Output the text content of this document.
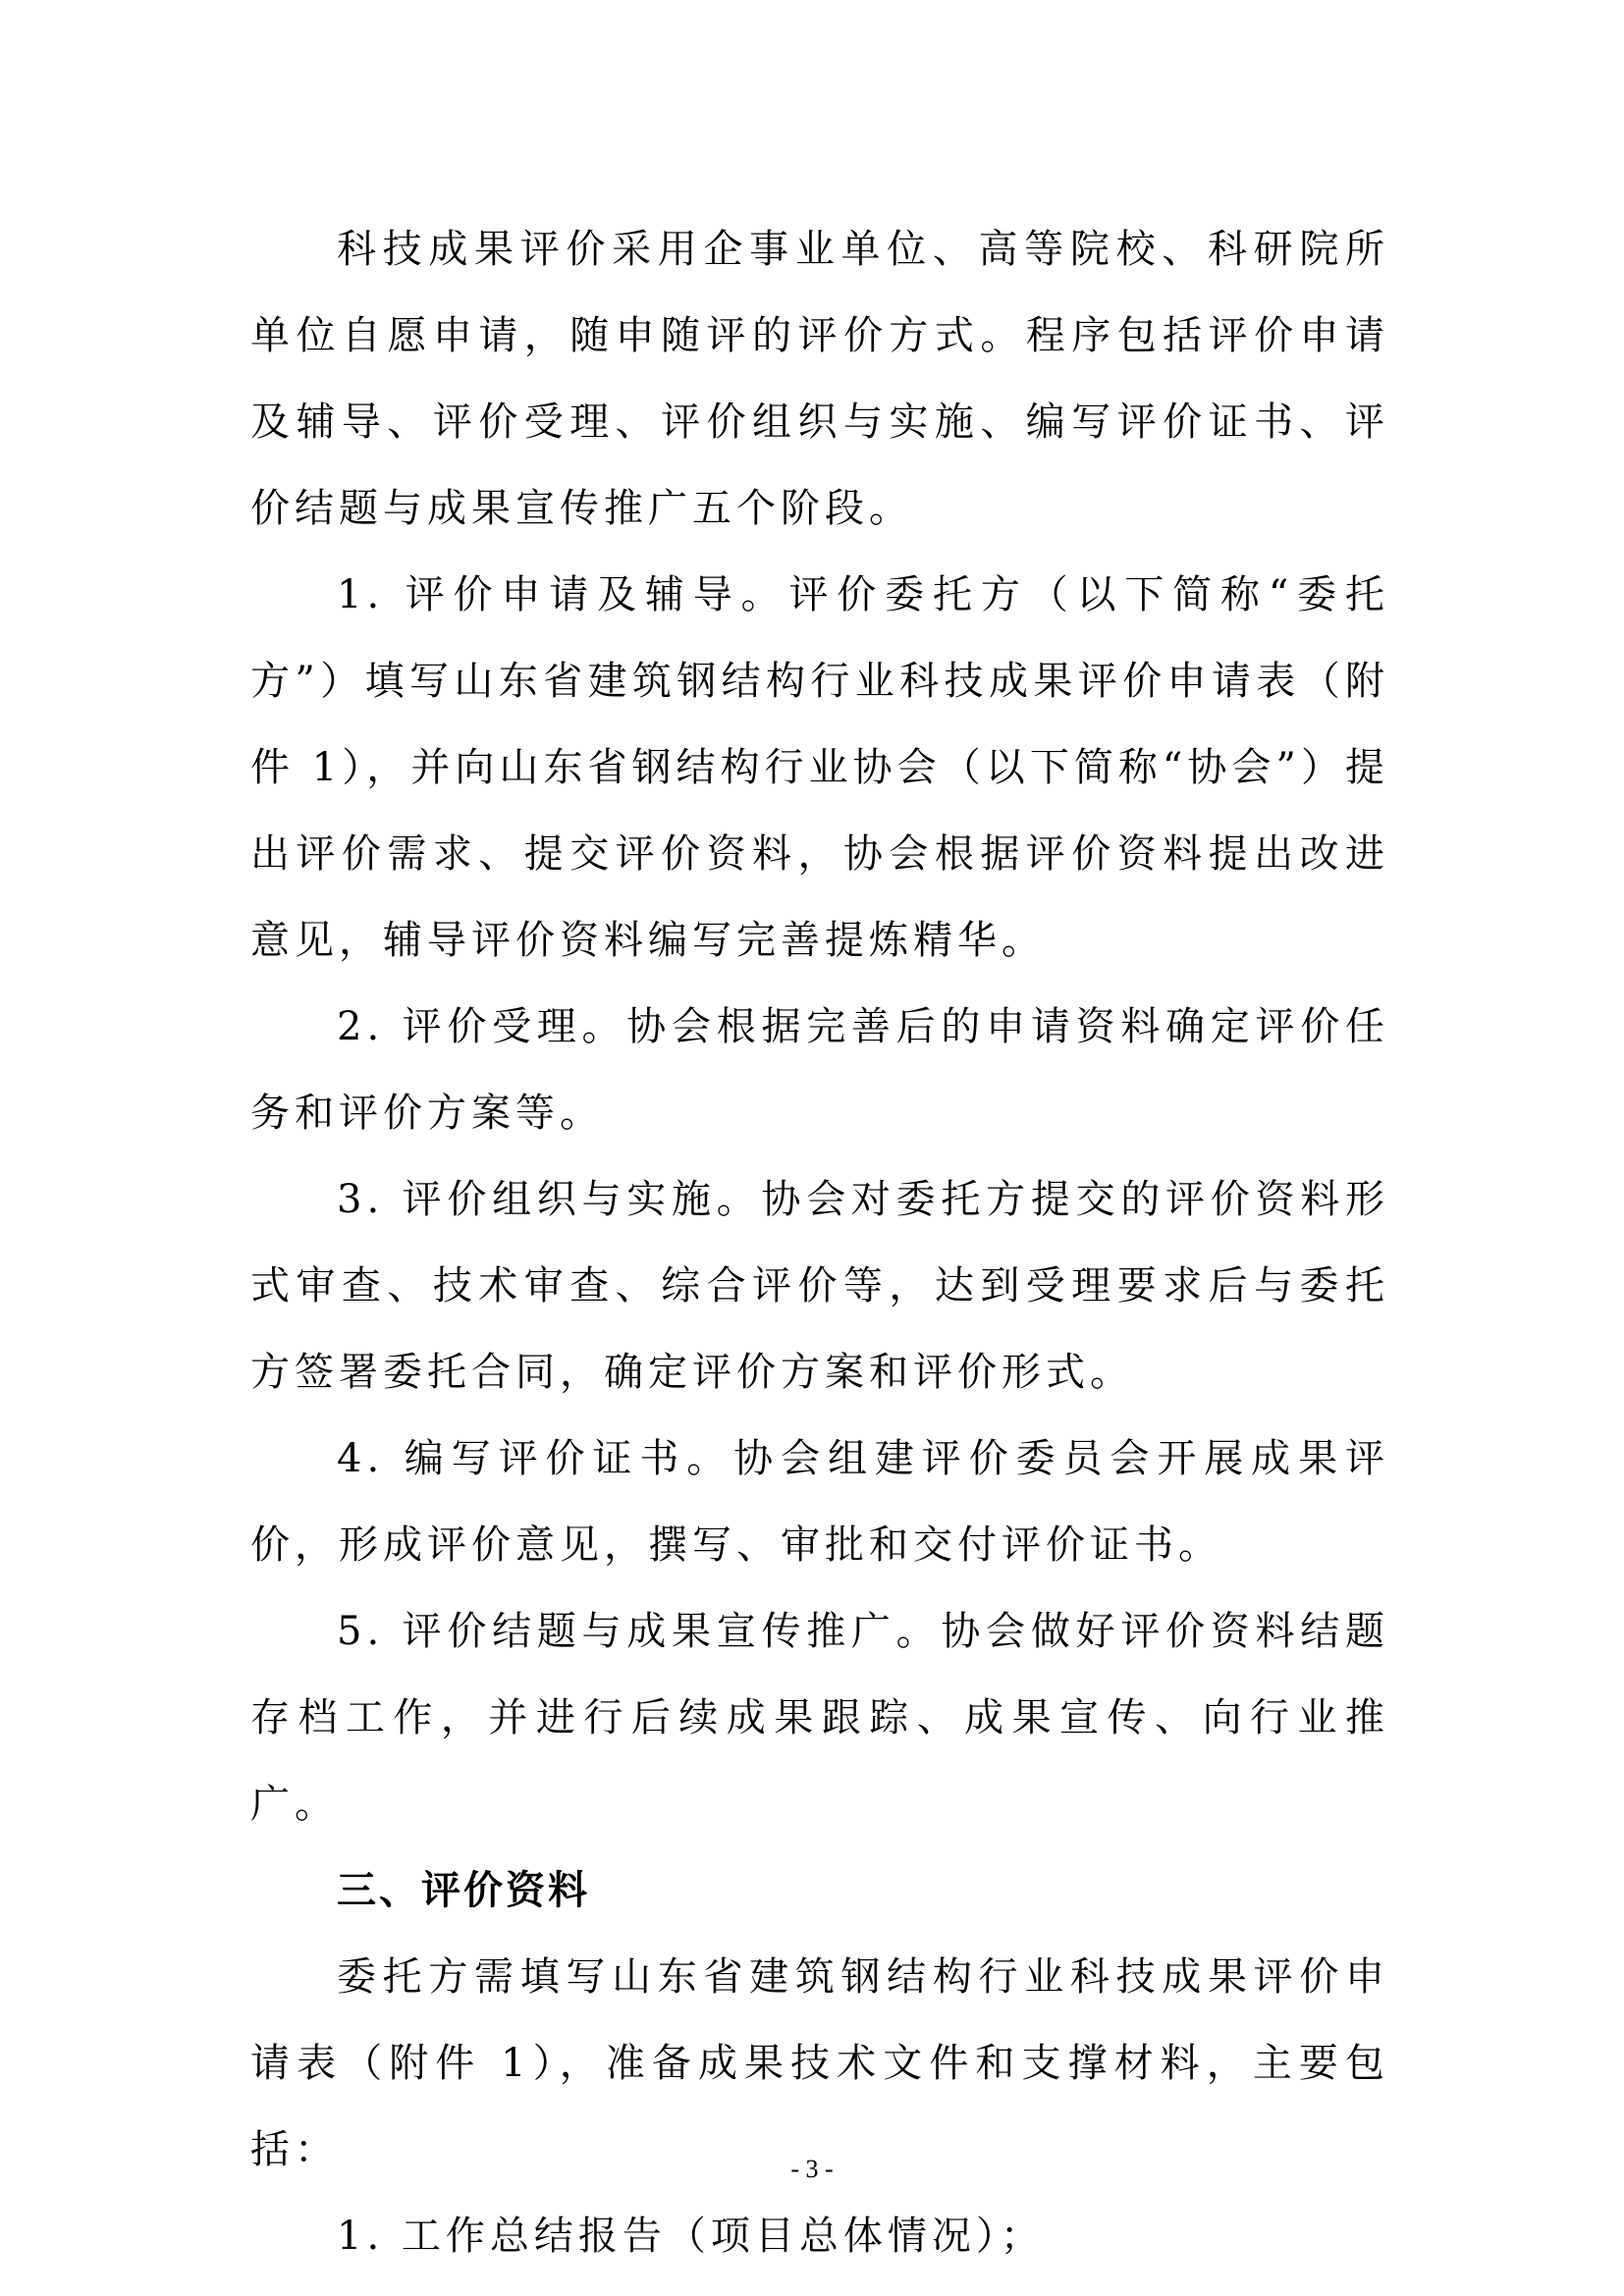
科技成果评价采用企事业单位、高等院校、科研院所单位自愿申请，随申随评的评价方式。程序包括评价申请及辅导、评价受理、评价组织与实施、编写评价证书、评价结题与成果宣传推广五个阶段。

1. 评价申请及辅导。评价委托方（以下简称“委托方”）填写山东省建筑钢结构行业科技成果评价申请表（附件 1），并向山东省钢结构行业协会（以下简称“协会”）提出评价需求、提交评价资料，协会根据评价资料提出改进意见，辅导评价资料编写完善提炼精华。

2. 评价受理。协会根据完善后的申请资料确定评价任务和评价方案等。

3. 评价组织与实施。协会对委托方提交的评价资料形式审查、技术审查、综合评价等，达到受理要求后与委托方签署委托合同，确定评价方案和评价形式。

4. 编写评价证书。协会组建评价委员会开展成果评价，形成评价意见，撰写、审批和交付评价证书。

5. 评价结题与成果宣传推广。协会做好评价资料结题存档工作，并进行后续成果跟踪、成果宣传、向行业推广。

三、评价资料

委托方需填写山东省建筑钢结构行业科技成果评价申请表（附件 1），准备成果技术文件和支撑材料，主要包括：

1. 工作总结报告（项目总体情况）；

- 3 -
